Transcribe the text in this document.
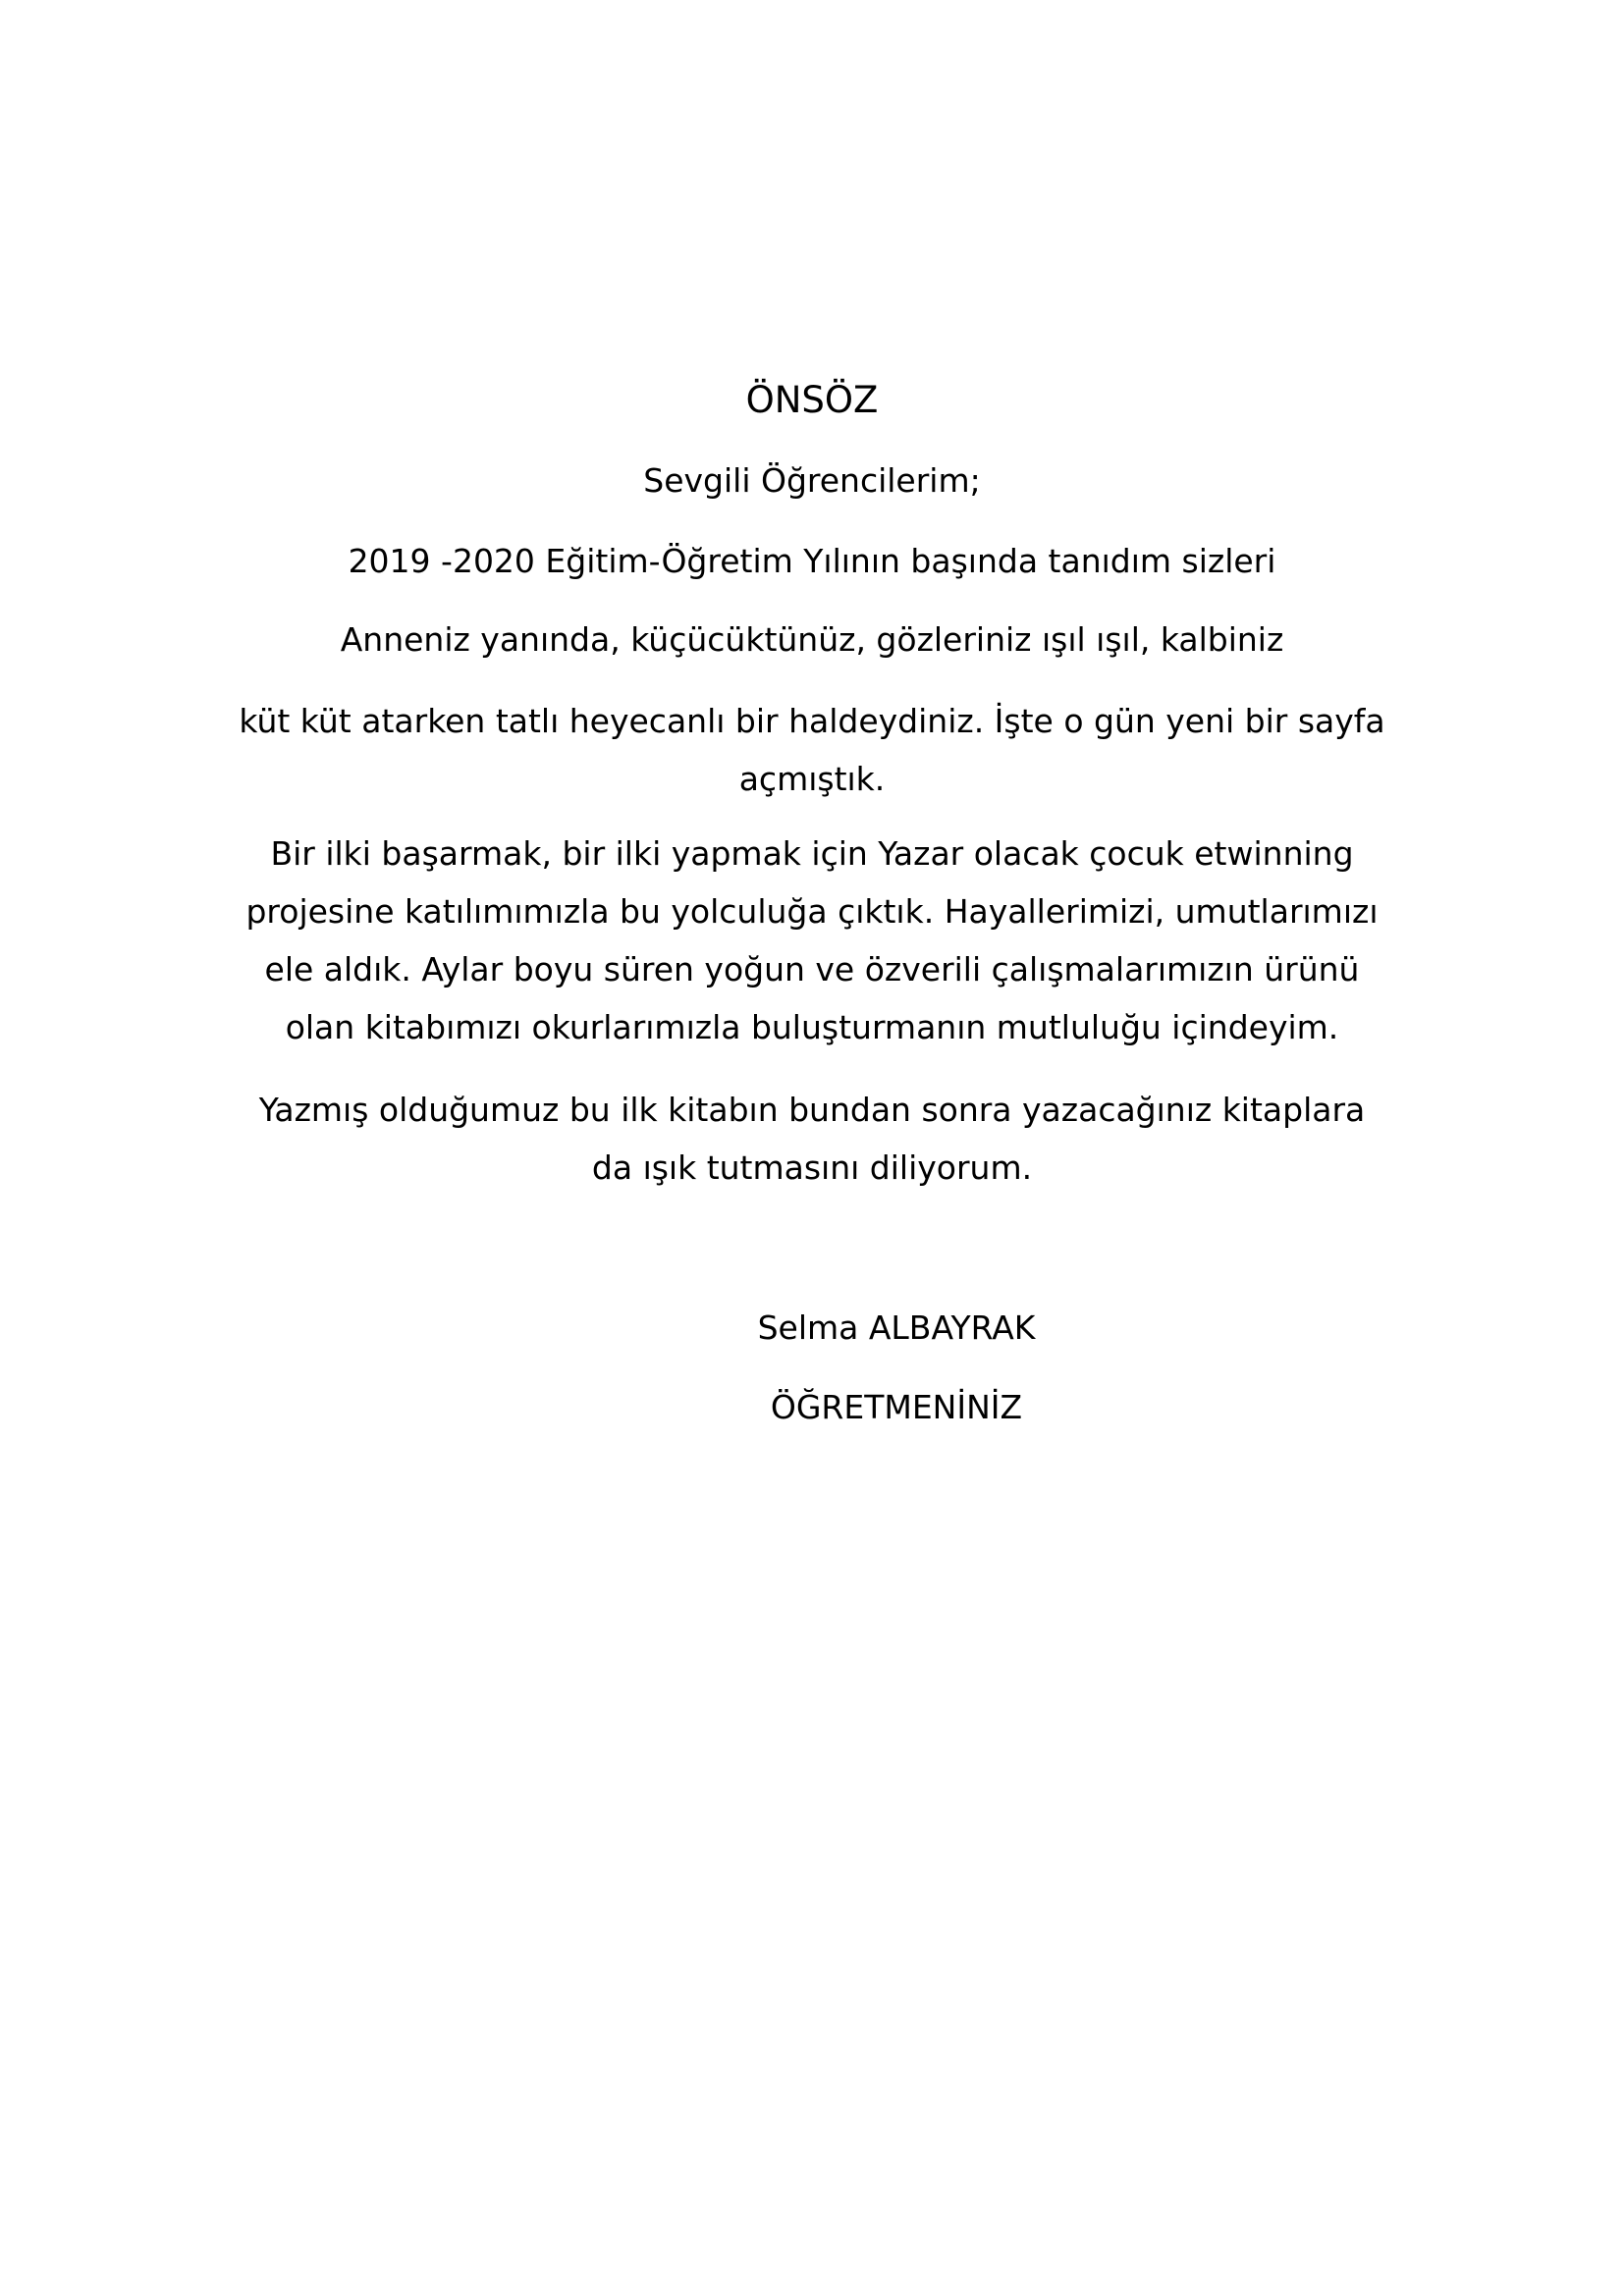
ÖNSÖZ
Sevgili Öğrencilerim;
2019 -2020 Eğitim-Öğretim Yılının başında tanıdım sizleri
Anneniz yanında, küçücüktünüz, gözleriniz ışıl ışıl, kalbiniz
küt küt atarken tatlı heyecanlı bir haldeydiniz. İşte o gün yeni bir sayfa
açmıştık.
Bir ilki başarmak, bir ilki yapmak için Yazar olacak çocuk etwinning
projesine katılımımızla bu yolculuğa çıktık. Hayallerimizi, umutlarımızı
ele aldık. Aylar boyu süren yoğun ve özverili çalışmalarımızın ürünü
olan kitabımızı okurlarımızla buluşturmanın mutluluğu içindeyim.
Yazmış olduğumuz bu ilk kitabın bundan sonra yazacağınız kitaplara
da ışık tutmasını diliyorum.
Selma ALBAYRAK
ÖĞRETMENİNİZ
